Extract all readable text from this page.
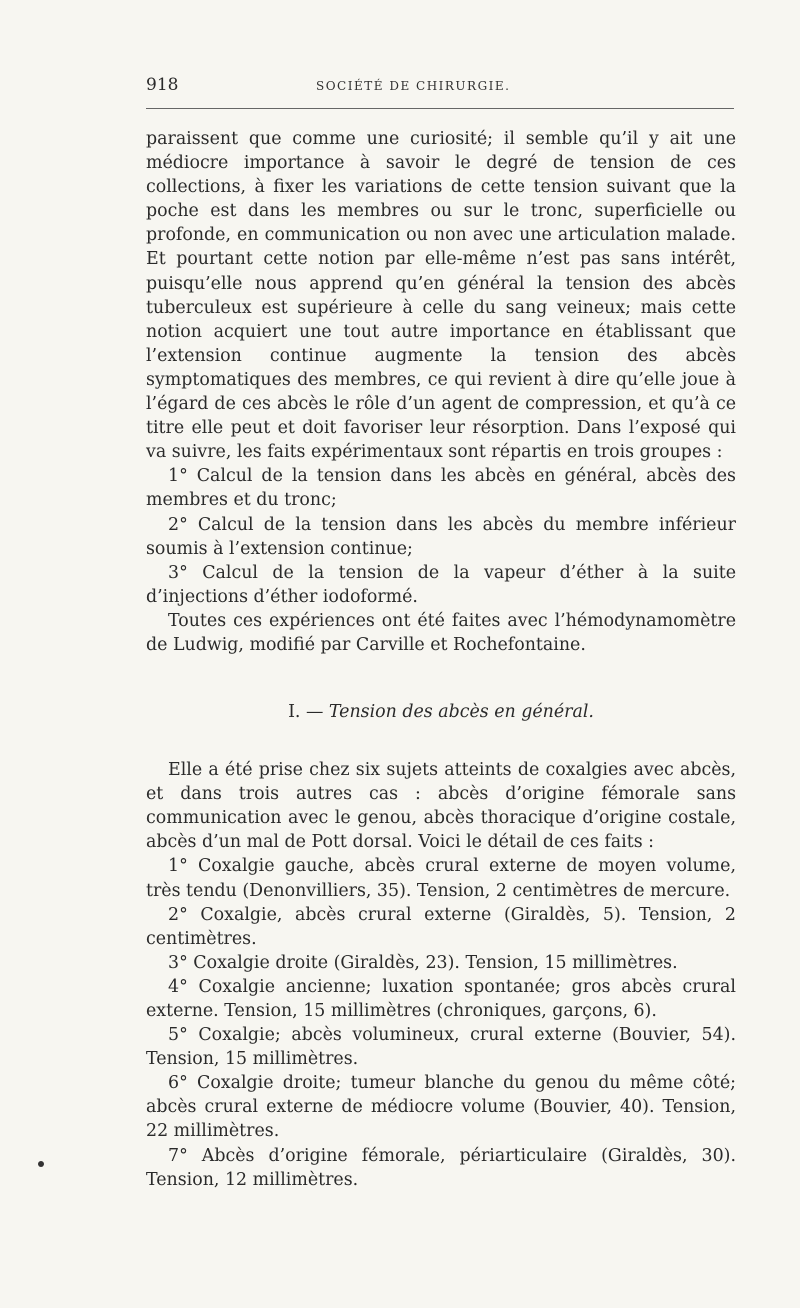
918	SOCIÉTÉ DE CHIRURGIE.

paraissent que comme une curiosité; il semble qu’il y ait une médiocre importance à savoir le degré de tension de ces collections, à fixer les variations de cette tension suivant que la poche est dans les membres ou sur le tronc, superficielle ou profonde, en communication ou non avec une articulation malade. Et pourtant cette notion par elle-même n’est pas sans intérêt, puisqu’elle nous apprend qu’en général la tension des abcès tuberculeux est supérieure à celle du sang veineux; mais cette notion acquiert une tout autre importance en établissant que l’extension continue augmente la tension des abcès symptomatiques des membres, ce qui revient à dire qu’elle joue à l’égard de ces abcès le rôle d’un agent de compression, et qu’à ce titre elle peut et doit favoriser leur résorption. Dans l’exposé qui va suivre, les faits expérimentaux sont répartis en trois groupes :

1° Calcul de la tension dans les abcès en général, abcès des membres et du tronc;

2° Calcul de la tension dans les abcès du membre inférieur soumis à l’extension continue;

3° Calcul de la tension de la vapeur d’éther à la suite d’injections d’éther iodoformé.

Toutes ces expériences ont été faites avec l’hémodynamomètre de Ludwig, modifié par Carville et Rochefontaine.

I. — Tension des abcès en général.

Elle a été prise chez six sujets atteints de coxalgies avec abcès, et dans trois autres cas : abcès d’origine fémorale sans communication avec le genou, abcès thoracique d’origine costale, abcès d’un mal de Pott dorsal. Voici le détail de ces faits :

1° Coxalgie gauche, abcès crural externe de moyen volume, très tendu (Denonvilliers, 35). Tension, 2 centimètres de mercure.

2° Coxalgie, abcès crural externe (Giraldès, 5). Tension, 2 centimètres.

3° Coxalgie droite (Giraldès, 23). Tension, 15 millimètres.

4° Coxalgie ancienne; luxation spontanée; gros abcès crural externe. Tension, 15 millimètres (chroniques, garçons, 6).

5° Coxalgie; abcès volumineux, crural externe (Bouvier, 54). Tension, 15 millimètres.

6° Coxalgie droite; tumeur blanche du genou du même côté; abcès crural externe de médiocre volume (Bouvier, 40). Tension, 22 millimètres.

7° Abcès d’origine fémorale, périarticulaire (Giraldès, 30). Tension, 12 millimètres.
